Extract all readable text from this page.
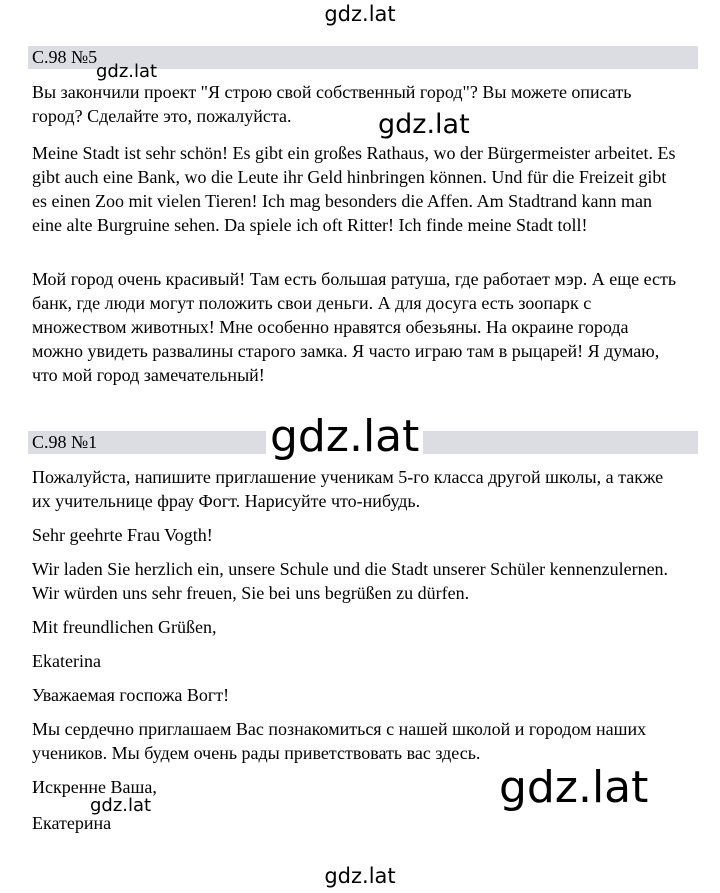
gdz.lat
gdz.lat
gdz.lat
gdz.lat
gdz.lat
gdz.lat
gdz.lat
С.98 №5

Вы закончили проект "Я строю свой собственный город"? Вы можете описать город? Сделайте это, пожалуйста.

Meine Stadt ist sehr schön! Es gibt ein großes Rathaus, wo der Bürgermeister arbeitet. Es gibt auch eine Bank, wo die Leute ihr Geld hinbringen können. Und für die Freizeit gibt es einen Zoo mit vielen Tieren! Ich mag besonders die Affen. Am Stadtrand kann man eine alte Burgruine sehen. Da spiele ich oft Ritter! Ich finde meine Stadt toll!

Мой город очень красивый! Там есть большая ратуша, где работает мэр. А еще есть банк, где люди могут положить свои деньги. А для досуга есть зоопарк с множеством животных! Мне особенно нравятся обезьяны. На окраине города можно увидеть развалины старого замка. Я часто играю там в рыцарей! Я думаю, что мой город замечательный!

С.98 №1

Пожалуйста, напишите приглашение ученикам 5-го класса другой школы, а также их учительнице фрау Фогт. Нарисуйте что-нибудь.

Sehr geehrte Frau Vogth!

Wir laden Sie herzlich ein, unsere Schule und die Stadt unserer Schüler kennenzulernen. Wir würden uns sehr freuen, Sie bei uns begrüßen zu dürfen.

Mit freundlichen Grüßen,

Ekaterina

Уважаемая госпожа Вогт!

Мы сердечно приглашаем Вас познакомиться с нашей школой и городом наших учеников. Мы будем очень рады приветствовать вас здесь.

Искренне Ваша,

Екатерина
